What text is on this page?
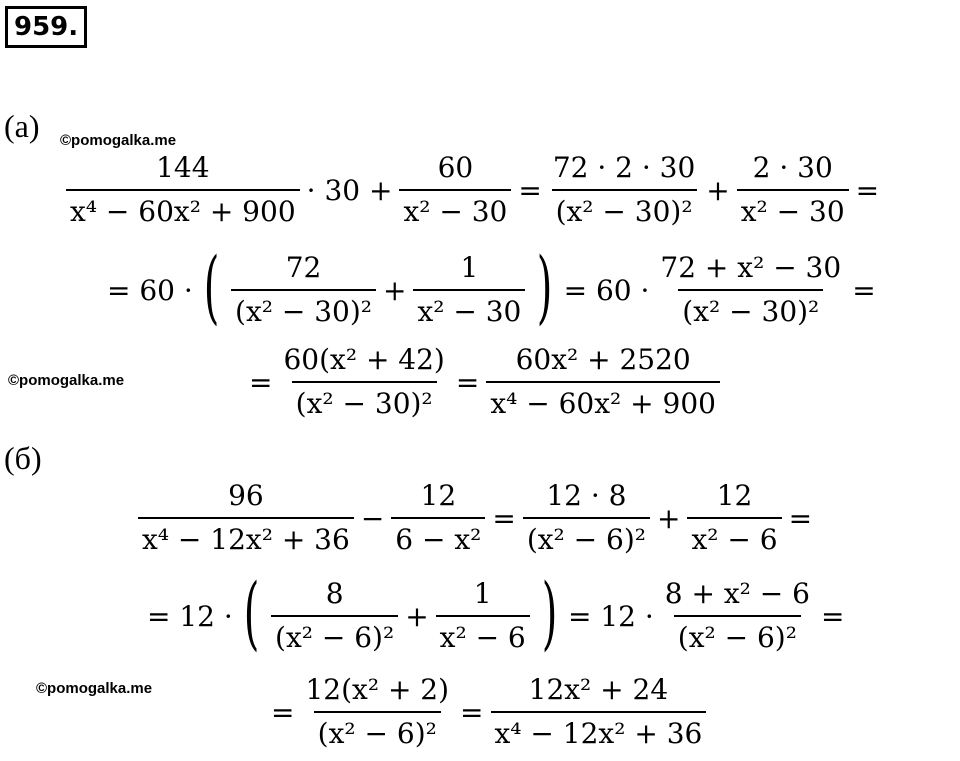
959.
(а) ©pomogalka.me
$\frac{144}{\text{x⁴ − 60x² + 900}} \cdot 30 + \frac{60}{\text{x² − 30}} = \frac{72 \cdot 2 \cdot 30}{\text{(x² − 30)²}} + \frac{2 \cdot 30}{\text{x² − 30}}$ =
= 60 · ( $\frac{72}{\text{(x² − 30)²}} + \frac{1}{\text{x² − 30}}$ ) = $60 \cdot \frac{\text{72 + x² − 30}}{\text{(x² − 30)²}}$ =
©pomogalka.me	= $\frac{\text{60(x² + 42)}}{\text{(x² − 30)²}} = \frac{\text{60x² + 2520}}{\text{x⁴ − 60x² + 900}}$
(б)
$\frac{96}{\text{x⁴ − 12x² + 36}} - \frac{12}{\text{6 − x²}} = \frac{12 \cdot 8}{\text{(x² − 6)²}} + \frac{12}{\text{x² − 6}}$ =
= 12 · ( $\frac{8}{\text{(x² − 6)²}} + \frac{1}{\text{x² − 6}}$ ) = $12 \cdot \frac{\text{8 + x² − 6}}{\text{(x² − 6)²}}$ =
©pomogalka.me
= $\frac{\text{12(x² + 2)}}{\text{(x² − 6)²}} = \frac{\text{12x² + 24}}{\text{x⁴ − 12x² + 36}}$
